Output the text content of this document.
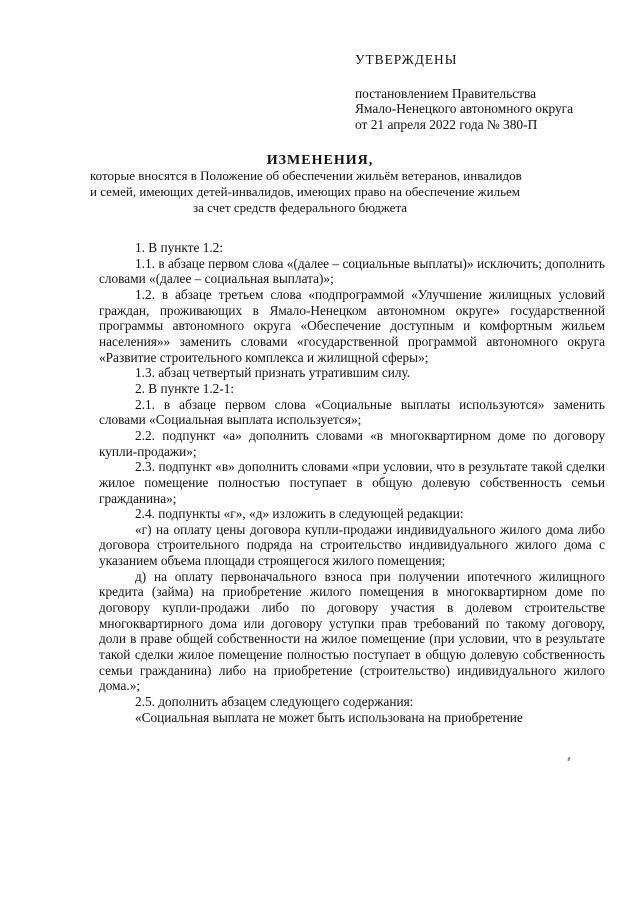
УТВЕРЖДЕНЫ
постановлением Правительства
Ямало-Ненецкого автономного округа
от 21 апреля 2022 года № 380-П
ИЗМЕНЕНИЯ,
которые вносятся в Положение об обеспечении жильём ветеранов, инвалидов
и семей, имеющих детей-инвалидов, имеющих право на обеспечение жильем
за счет средств федерального бюджета

1. В пункте 1.2:

1.1. в абзаце первом слова «(далее – социальные выплаты)» исключить; дополнить словами «(далее – социальная выплата)»;

1.2. в абзаце третьем слова «подпрограммой «Улучшение жилищных условий граждан, проживающих в Ямало-Ненецком автономном округе» государственной программы автономного округа «Обеспечение доступным и комфортным жильем населения»» заменить словами «государственной программой автономного округа «Развитие строительного комплекса и жилищной сферы»;

1.3. абзац четвертый признать утратившим силу.

2. В пункте 1.2-1:

2.1. в абзаце первом слова «Социальные выплаты используются» заменить словами «Социальная выплата используется»;

2.2. подпункт «а» дополнить словами «в многоквартирном доме по договору купли-продажи»;

2.3. подпункт «в» дополнить словами «при условии, что в результате такой сделки жилое помещение полностью поступает в общую долевую собственность семьи гражданина»;

2.4. подпункты «г», «д» изложить в следующей редакции:

«г) на оплату цены договора купли-продажи индивидуального жилого дома либо договора строительного подряда на строительство индивидуального жилого дома с указанием объема площади строящегося жилого помещения;

д) на оплату первоначального взноса при получении ипотечного жилищного кредита (займа) на приобретение жилого помещения в многоквартирном доме по договору купли-продажи либо по договору участия в долевом строительстве многоквартирного дома или договору уступки прав требований по такому договору, доли в праве общей собственности на жилое помещение (при условии, что в результате такой сделки жилое помещение полностью поступает в общую долевую собственность семьи гражданина) либо на приобретение (строительство) индивидуального жилого дома.»;

2.5. дополнить абзацем следующего содержания:

«Социальная выплата не может быть использована на приобретение
